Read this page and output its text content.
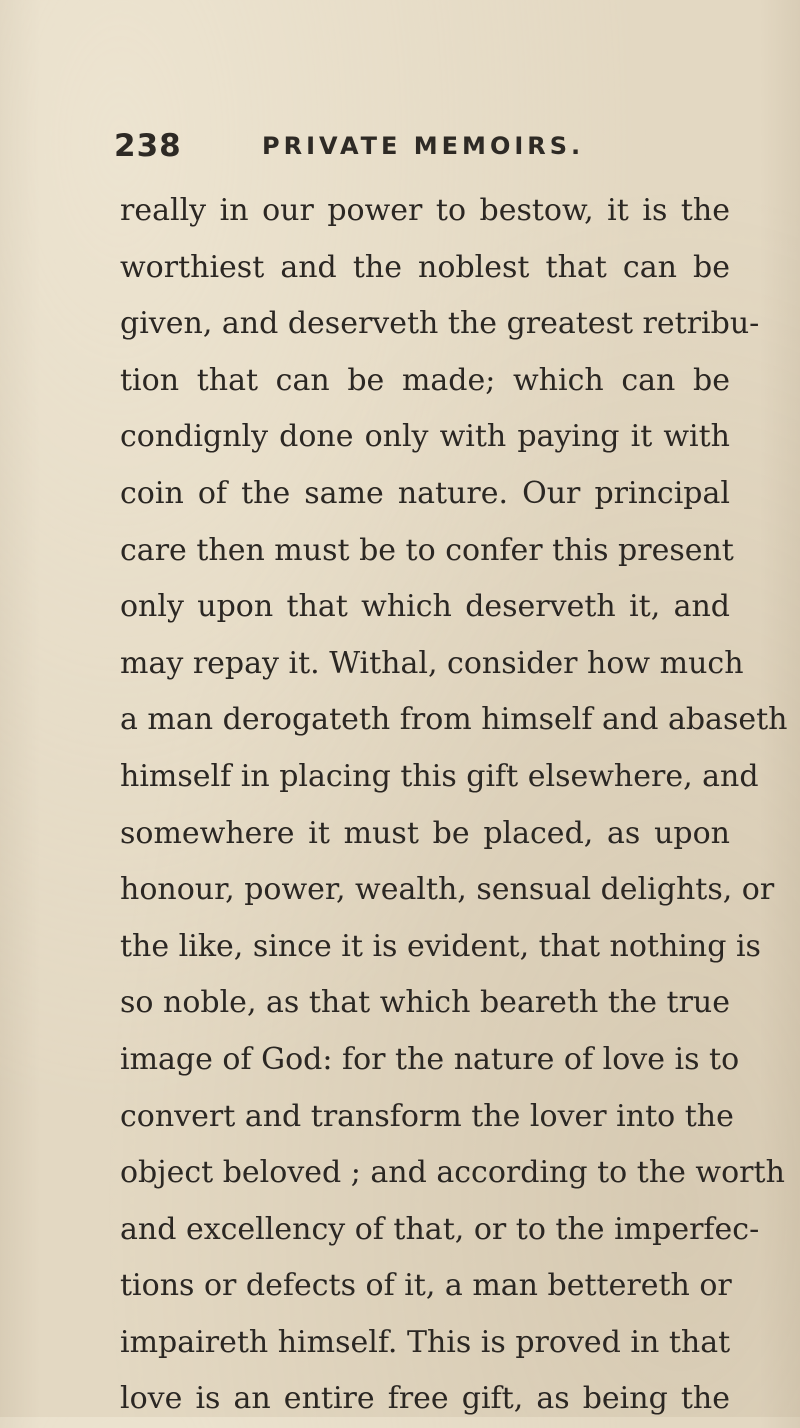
238	PRIVATE MEMOIRS.
really in our power to bestow, it is the
worthiest and the noblest that can be
given, and deserveth the greatest retribu-
tion that can be made; which can be
condignly done only with paying it with
coin of the same nature. Our principal
care then must be to confer this present
only upon that which deserveth it, and
may repay it. Withal, consider how much
a man derogateth from himself and abaseth
himself in placing this gift elsewhere, and
somewhere it must be placed, as upon
honour, power, wealth, sensual delights, or
the like, since it is evident, that nothing is
so noble, as that which beareth the true
image of God: for the nature of love is to
convert and transform the lover into the
object beloved ; and according to the worth
and excellency of that, or to the imperfec-
tions or defects of it, a man bettereth or
impaireth himself. This is proved in that
love is an entire free gift, as being the
